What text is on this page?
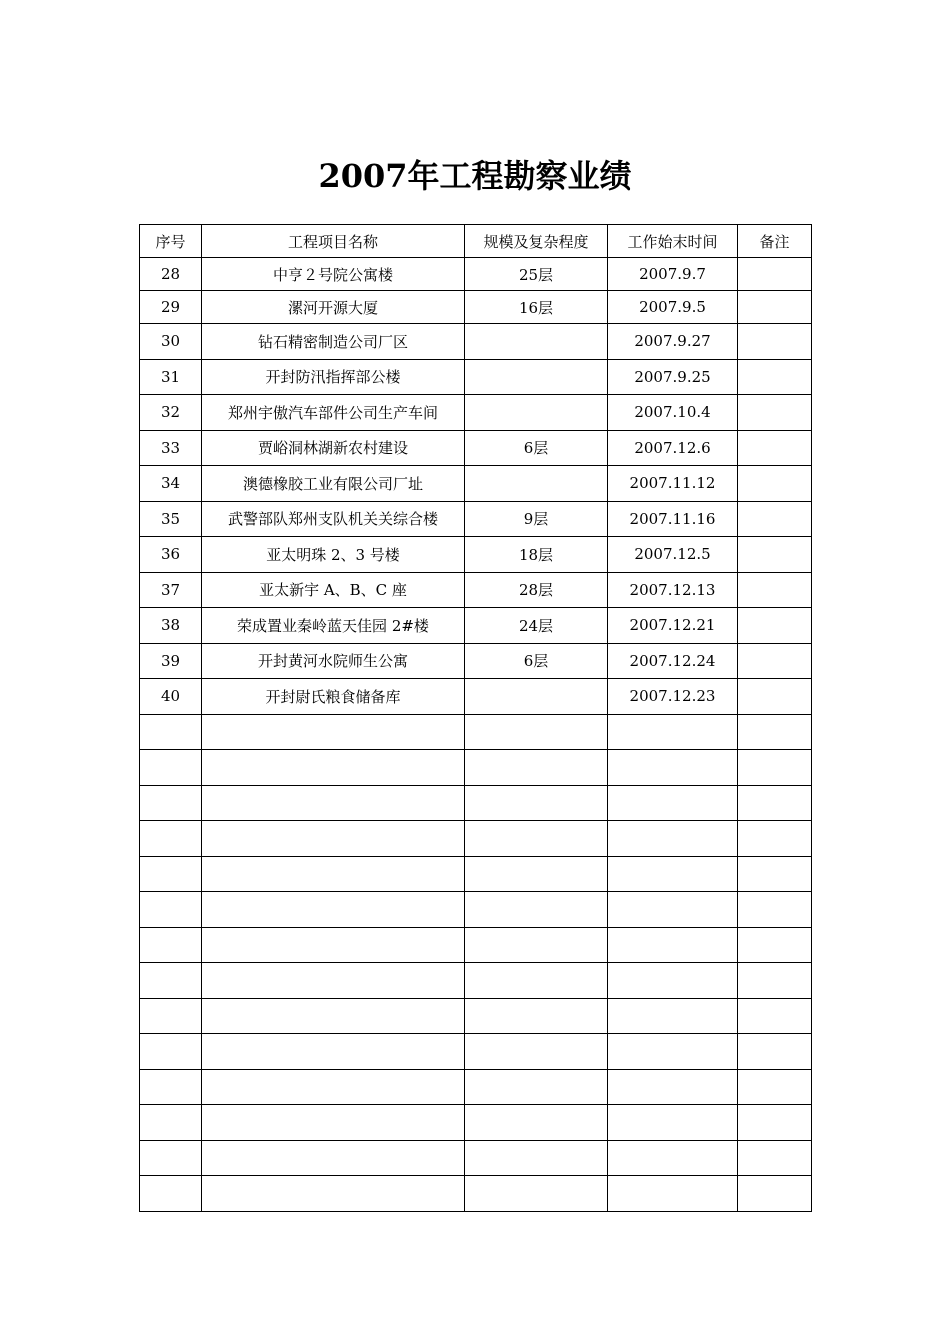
2007年工程勘察业绩
序号	工程项目名称	规模及复杂程度	工作始末时间	备注
28	中亨２号院公寓楼	25层	2007.9.7	
29	漯河开源大厦	16层	2007.9.5	
30	钻石精密制造公司厂区		2007.9.27	
31	开封防汛指挥部公楼		2007.9.25	
32	郑州宇傲汽车部件公司生产车间		2007.10.4	
33	贾峪洞林湖新农村建设	6层	2007.12.6	
34	澳德橡胶工业有限公司厂址		2007.11.12	
35	武警部队郑州支队机关关综合楼	9层	2007.11.16	
36	亚太明珠 2、3 号楼	18层	2007.12.5	
37	亚太新宇 A、B、C 座	28层	2007.12.13	
38	荣成置业秦岭蓝天佳园 2#楼	24层	2007.12.21	
39	开封黄河水院师生公寓	6层	2007.12.24	
40	开封尉氏粮食储备库		2007.12.23	
